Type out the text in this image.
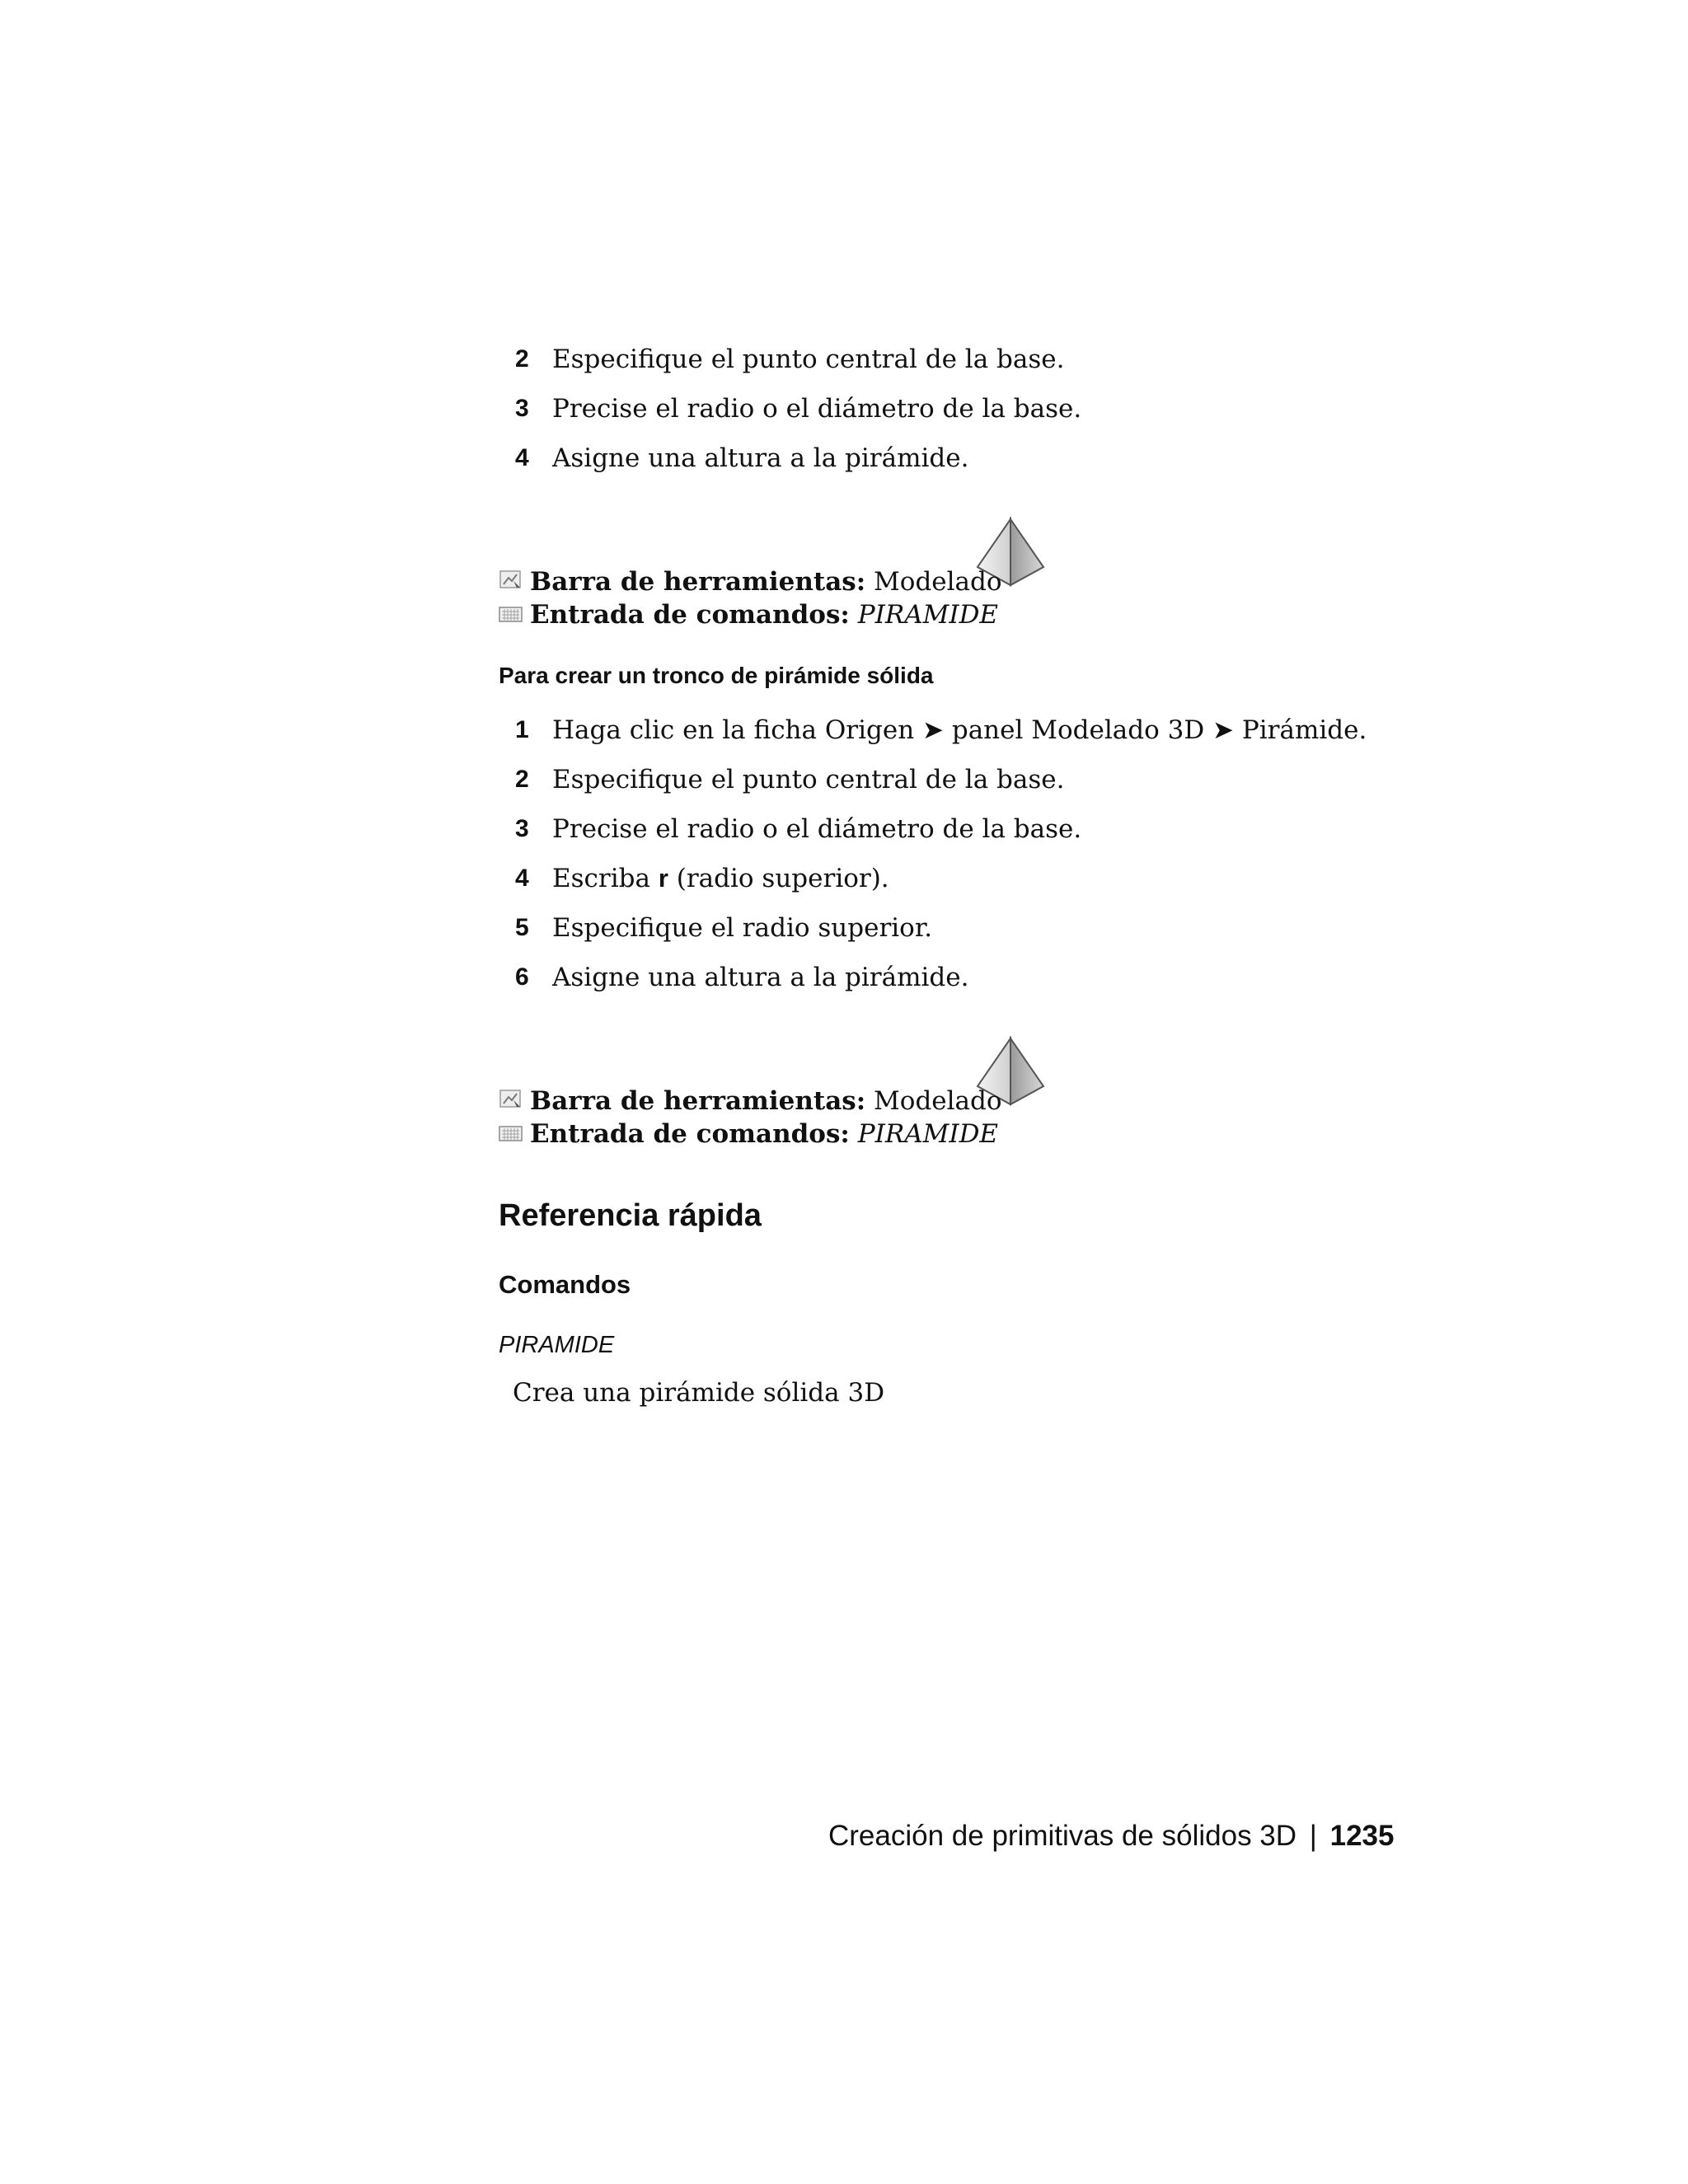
2 Especifique el punto central de la base.
3 Precise el radio o el diámetro de la base.
4 Asigne una altura a la pirámide.
Barra de herramientas: Modelado
Entrada de comandos: PIRAMIDE
Para crear un tronco de pirámide sólida
1 Haga clic en la ficha Origen ➤ panel Modelado 3D ➤ Pirámide.
2 Especifique el punto central de la base.
3 Precise el radio o el diámetro de la base.
4 Escriba r (radio superior).
5 Especifique el radio superior.
6 Asigne una altura a la pirámide.
Barra de herramientas: Modelado
Entrada de comandos: PIRAMIDE
Referencia rápida
Comandos
PIRAMIDE
Crea una pirámide sólida 3D
Creación de primitivas de sólidos 3D | 1235
